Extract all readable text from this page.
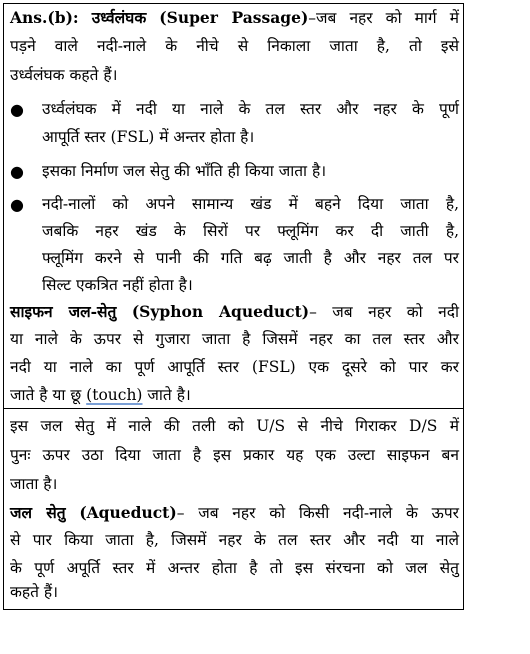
Ans.(b): उर्ध्वलंघक (Super Passage)–जब नहर को मार्ग में
पड़ने वाले नदी-नाले के नीचे से निकाला जाता है, तो इसे
उर्ध्वलंघक कहते हैं।
● उर्ध्वलंघक में नदी या नाले के तल स्तर और नहर के पूर्ण
आपूर्ति स्तर (FSL) में अन्तर होता है।
● इसका निर्माण जल सेतु की भाँति ही किया जाता है।
● नदी-नालों को अपने सामान्य खंड में बहने दिया जाता है,
जबकि नहर खंड के सिरों पर फ्लूमिंग कर दी जाती है,
फ्लूमिंग करने से पानी की गति बढ़ जाती है और नहर तल पर
सिल्ट एकत्रित नहीं होता है।
साइफन जल-सेतु (Syphon Aqueduct)– जब नहर को नदी
या नाले के ऊपर से गुजारा जाता है जिसमें नहर का तल स्तर और
नदी या नाले का पूर्ण आपूर्ति स्तर (FSL) एक दूसरे को पार कर
जाते है या छू (touch) जाते है।
इस जल सेतु में नाले की तली को U/S से नीचे गिराकर D/S में
पुनः ऊपर उठा दिया जाता है इस प्रकार यह एक उल्टा साइफन बन
जाता है।
जल सेतु (Aqueduct)– जब नहर को किसी नदी-नाले के ऊपर
से पार किया जाता है, जिसमें नहर के तल स्तर और नदी या नाले
के पूर्ण अपूर्ति स्तर में अन्तर होता है तो इस संरचना को जल सेतु
कहते हैं।
